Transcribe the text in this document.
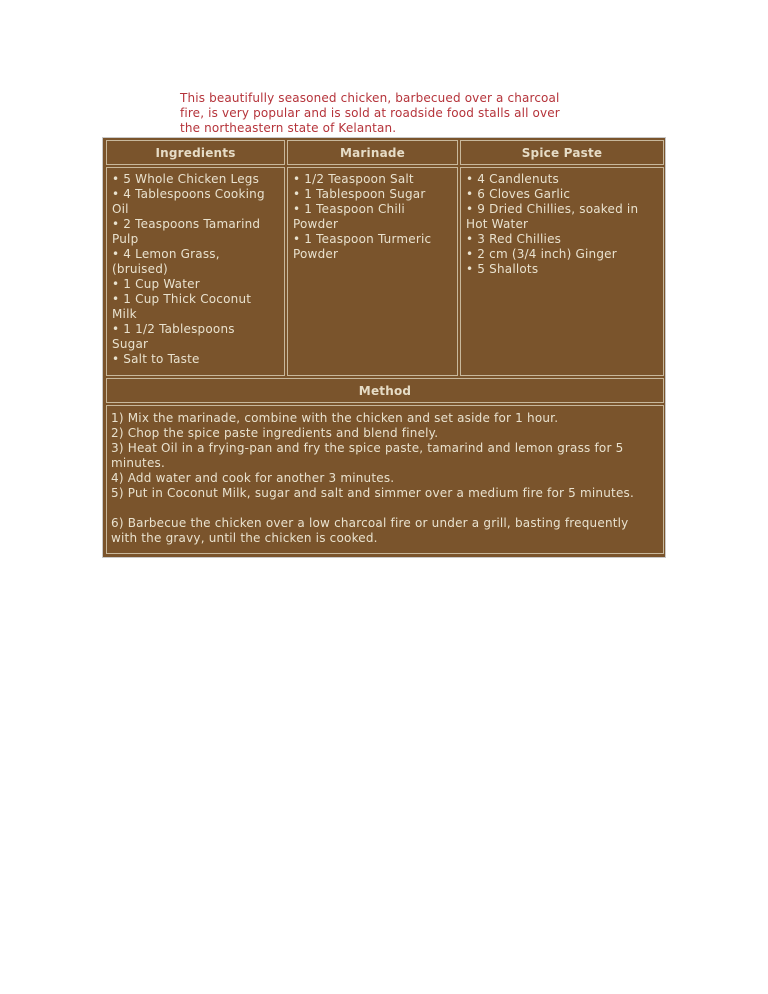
This beautifully seasoned chicken, barbecued over a charcoal
fire, is very popular and is sold at roadside food stalls all over
the northeastern state of Kelantan.
Ingredients	Marinade	Spice Paste
• 5 Whole Chicken Legs
• 4 Tablespoons Cooking
Oil
• 2 Teaspoons Tamarind
Pulp
• 4 Lemon Grass,
(bruised)
• 1 Cup Water
• 1 Cup Thick Coconut
Milk
• 1 1/2 Tablespoons
Sugar
• Salt to Taste
• 1/2 Teaspoon Salt
• 1 Tablespoon Sugar
• 1 Teaspoon Chili
Powder
• 1 Teaspoon Turmeric
Powder
• 4 Candlenuts
• 6 Cloves Garlic
• 9 Dried Chillies, soaked in
Hot Water
• 3 Red Chillies
• 2 cm (3/4 inch) Ginger
• 5 Shallots
Method
1) Mix the marinade, combine with the chicken and set aside for 1 hour.
2) Chop the spice paste ingredients and blend finely.
3) Heat Oil in a frying-pan and fry the spice paste, tamarind and lemon grass for 5
minutes.
4) Add water and cook for another 3 minutes.
5) Put in Coconut Milk, sugar and salt and simmer over a medium fire for 5 minutes.
6) Barbecue the chicken over a low charcoal fire or under a grill, basting frequently
with the gravy, until the chicken is cooked.
